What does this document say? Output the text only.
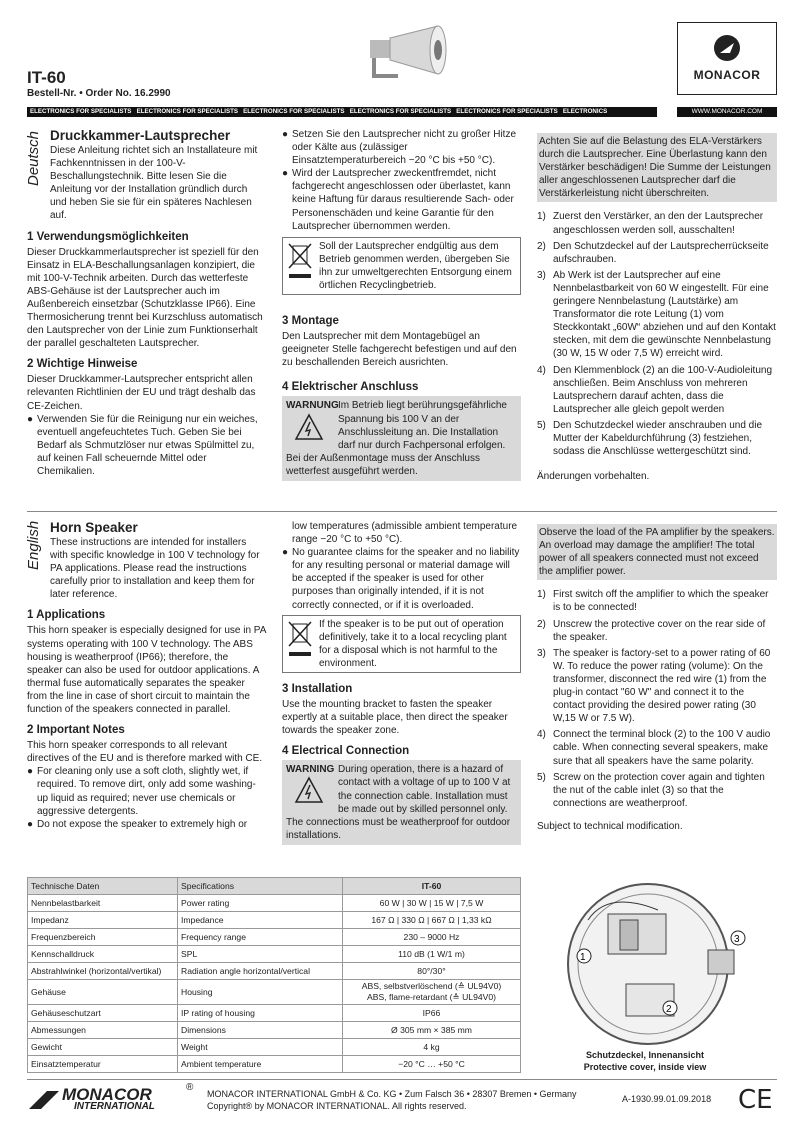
IT-60
Bestell-Nr. • Order No. 16.2990
MONACOR
ELECTRONICS FOR SPECIALISTS   ELECTRONICS FOR SPECIALISTS   ELECTRONICS FOR SPECIALISTS   ELECTRONICS FOR SPECIALISTS   ELECTRONICS FOR SPECIALISTS   ELECTRONICS	WWW.MONACOR.COM
Deutsch Druckkammer-Lautsprecher
Diese Anleitung richtet sich an Installateure mit Fachkenntnissen in der 100-V-Beschallungstechnik. Bitte lesen Sie die Anleitung vor der Installation gründlich durch und heben Sie sie für ein späteres Nachlesen auf.
1 Verwendungsmöglichkeiten
Dieser Druckkammerlautsprecher ist speziell für den Einsatz in ELA-Beschallungsanlagen konzipiert, die mit 100-V-Technik arbeiten. Durch das wetterfeste ABS-Gehäuse ist der Lautsprecher auch im Außenbereich einsetzbar (Schutzklasse IP66). Eine Thermosicherung trennt bei Kurzschluss automatisch den Lautsprecher von der Linie zum Funktionserhalt der parallel geschalteten Lautsprecher.
2 Wichtige Hinweise
Dieser Druckkammer-Lautsprecher entspricht allen relevanten Richtlinien der EU und trägt deshalb das CE-Zeichen.
● Verwenden Sie für die Reinigung nur ein weiches, eventuell angefeuchtetes Tuch. Geben Sie bei Bedarf als Schmutzlöser nur etwas Spülmittel zu, auf keinen Fall scheuernde Mittel oder Chemikalien.
● Setzen Sie den Lautsprecher nicht zu großer Hitze oder Kälte aus (zulässiger Einsatztemperaturbereich −20 °C bis +50 °C).
● Wird der Lautsprecher zweckentfremdet, nicht fachgerecht angeschlossen oder überlastet, kann keine Haftung für daraus resultierende Sach- oder Personenschäden und keine Garantie für den Lautsprecher übernommen werden.
Soll der Lautsprecher endgültig aus dem Betrieb genommen werden, übergeben Sie ihn zur umweltgerechten Entsorgung einem örtlichen Recyclingbetrieb.
3 Montage
Den Lautsprecher mit dem Montagebügel an geeigneter Stelle fachgerecht befestigen und auf den zu beschallenden Bereich ausrichten.
4 Elektrischer Anschluss
WARNUNG Im Betrieb liegt berührungsgefährliche Spannung bis 100 V an der Anschlussleitung an. Die Installation darf nur durch Fachpersonal erfolgen.
Bei der Außenmontage muss der Anschluss wetterfest ausgeführt werden.
Achten Sie auf die Belastung des ELA-Verstärkers durch die Lautsprecher. Eine Überlastung kann den Verstärker beschädigen! Die Summe der Leistungen aller angeschlossenen Lautsprecher darf die Verstärkerleistung nicht überschreiten.
1) Zuerst den Verstärker, an den der Lautsprecher angeschlossen werden soll, ausschalten!
2) Den Schutzdeckel auf der Lautsprecherrückseite aufschrauben.
3) Ab Werk ist der Lautsprecher auf eine Nennbelastbarkeit von 60 W eingestellt. Für eine geringere Nennbelastung (Lautstärke) am Transformator die rote Leitung (1) vom Steckkontakt „60W“ abziehen und auf den Kontakt stecken, mit dem die gewünschte Nennbelastung (30 W, 15 W oder 7,5 W) erreicht wird.
4) Den Klemmenblock (2) an die 100-V-Audioleitung anschließen. Beim Anschluss von mehreren Lautsprechern darauf achten, dass die Lautsprecher alle gleich gepolt werden
5) Den Schutzdeckel wieder anschrauben und die Mutter der Kabeldurchführung (3) festziehen, sodass die Anschlüsse wettergeschützt sind.
Änderungen vorbehalten.
English Horn Speaker
These instructions are intended for installers with specific knowledge in 100 V technology for PA applications. Please read the instructions carefully prior to installation and keep them for later reference.
1 Applications
This horn speaker is especially designed for use in PA systems operating with 100 V technology. The ABS housing is weatherproof (IP66); therefore, the speaker can also be used for outdoor applications. A thermal fuse automatically separates the speaker from the line in case of short circuit to maintain the function of the speakers connected in parallel.
2 Important Notes
This horn speaker corresponds to all relevant directives of the EU and is therefore marked with CE.
● For cleaning only use a soft cloth, slightly wet, if required. To remove dirt, only add some washing-up liquid as required; never use chemicals or aggressive detergents.
● Do not expose the speaker to extremely high or
low temperatures (admissible ambient temperature range −20 °C to +50 °C).
● No guarantee claims for the speaker and no liability for any resulting personal or material damage will be accepted if the speaker is used for other purposes than originally intended, if it is not correctly connected, or if it is overloaded.
If the speaker is to be put out of operation definitively, take it to a local recycling plant for a disposal which is not harmful to the environment.
3 Installation
Use the mounting bracket to fasten the speaker expertly at a suitable place, then direct the speaker towards the speaker zone.
4 Electrical Connection
WARNING During operation, there is a hazard of contact with a voltage of up to 100 V at the connection cable. Installation must be made out by skilled personnel only.
The connections must be weatherproof for outdoor installations.
Observe the load of the PA amplifier by the speakers. An overload may damage the amplifier! The total power of all speakers connected must not exceed the amplifier power.
1) First switch off the amplifier to which the speaker is to be connected!
2) Unscrew the protective cover on the rear side of the speaker.
3) The speaker is factory-set to a power rating of 60 W. To reduce the power rating (volume): On the transformer, disconnect the red wire (1) from the plug-in contact "60 W" and connect it to the contact providing the desired power rating (30 W,15 W or 7.5 W).
4) Connect the terminal block (2) to the 100 V audio cable. When connecting several speakers, make sure that all speakers have the same polarity.
5) Screw on the protection cover again and tighten the nut of the cable inlet (3) so that the connections are weatherproof.
Subject to technical modification.
Technische Daten	Specifications	IT-60

Nennbelastbarkeit	Power rating	60 W | 30 W | 15 W | 7,5 W

Impedanz	Impedance	167 Ω | 330 Ω | 667 Ω | 1,33 kΩ

Frequenzbereich	Frequency range	230 – 9000 Hz

Kennschalldruck	SPL	110 dB (1 W/1 m)

Abstrahlwinkel (horizontal/vertikal)	Radiation angle horizontal/vertical	80°/30°

Gehäuse	Housing	ABS, selbstverlöschend (≙ UL94V0)
ABS, flame-retardant (≙ UL94V0)

Gehäuseschutzart	IP rating of housing	IP66

Abmessungen	Dimensions	Ø 305 mm × 385 mm

Gewicht	Weight	4 kg

Einsatztemperatur	Ambient temperature	−20 °C … +50 °C
1
2
3
Schutzdeckel, Innenansicht
Protective cover, inside view
MONACOR	®
INTERNATIONAL
MONACOR INTERNATIONAL GmbH & Co. KG • Zum Falsch 36 • 28307 Bremen • Germany
Copyright® by MONACOR INTERNATIONAL. All rights reserved.
A-1930.99.01.09.2018 CE
